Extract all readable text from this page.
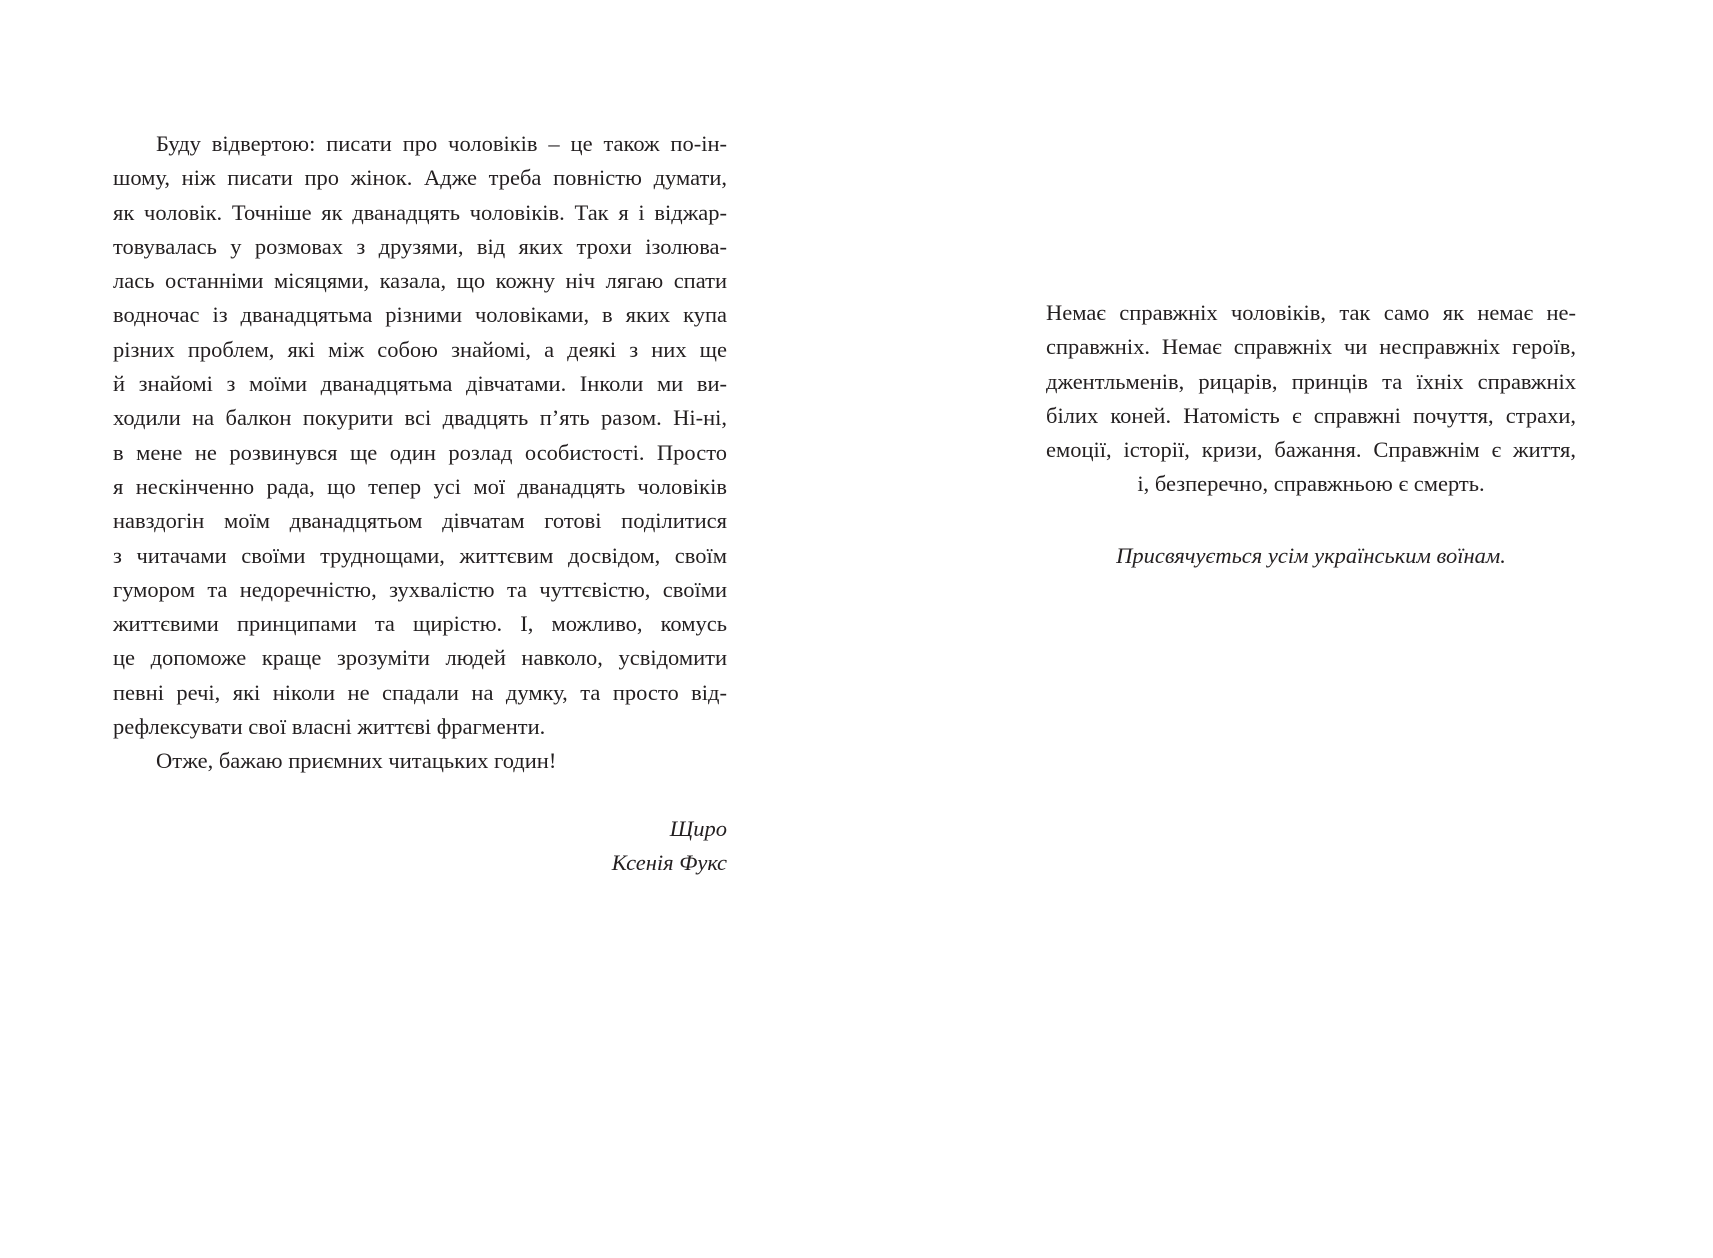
Буду відвертою: писати про чоловіків – це також по-ін-
шому, ніж писати про жінок. Адже треба повністю думати,
як чоловік. Точніше як дванадцять чоловіків. Так я і віджар-
товувалась у розмовах з друзями, від яких трохи ізолюва-
лась останніми місяцями, казала, що кожну ніч лягаю спати
водночас із дванадцятьма різними чоловіками, в яких купа
різних проблем, які між собою знайомі, а деякі з них ще
й знайомі з моїми дванадцятьма дівчатами. Інколи ми ви-
ходили на балкон покурити всі двадцять п’ять разом. Ні-ні,
в мене не розвинувся ще один розлад особистості. Просто
я нескінченно рада, що тепер усі мої дванадцять чоловіків
навздогін моїм дванадцятьом дівчатам готові поділитися
з читачами своїми труднощами, життєвим досвідом, своїм
гумором та недоречністю, зухвалістю та чуттєвістю, своїми
життєвими принципами та щирістю. І, можливо, комусь
це допоможе краще зрозуміти людей навколо, усвідомити
певні речі, які ніколи не спадали на думку, та просто від-
рефлексувати свої власні життєві фрагменти.
Отже, бажаю приємних читацьких годин!
Щиро
Ксенія Фукс
Немає справжніх чоловіків, так само як немає не-
справжніх. Немає справжніх чи несправжніх героїв,
джентльменів, рицарів, принців та їхніх справжніх
білих коней. Натомість є справжні почуття, страхи,
емоції, історії, кризи, бажання. Справжнім є життя,
і, безперечно, справжньою є смерть.
Присвячується усім українським воїнам.
